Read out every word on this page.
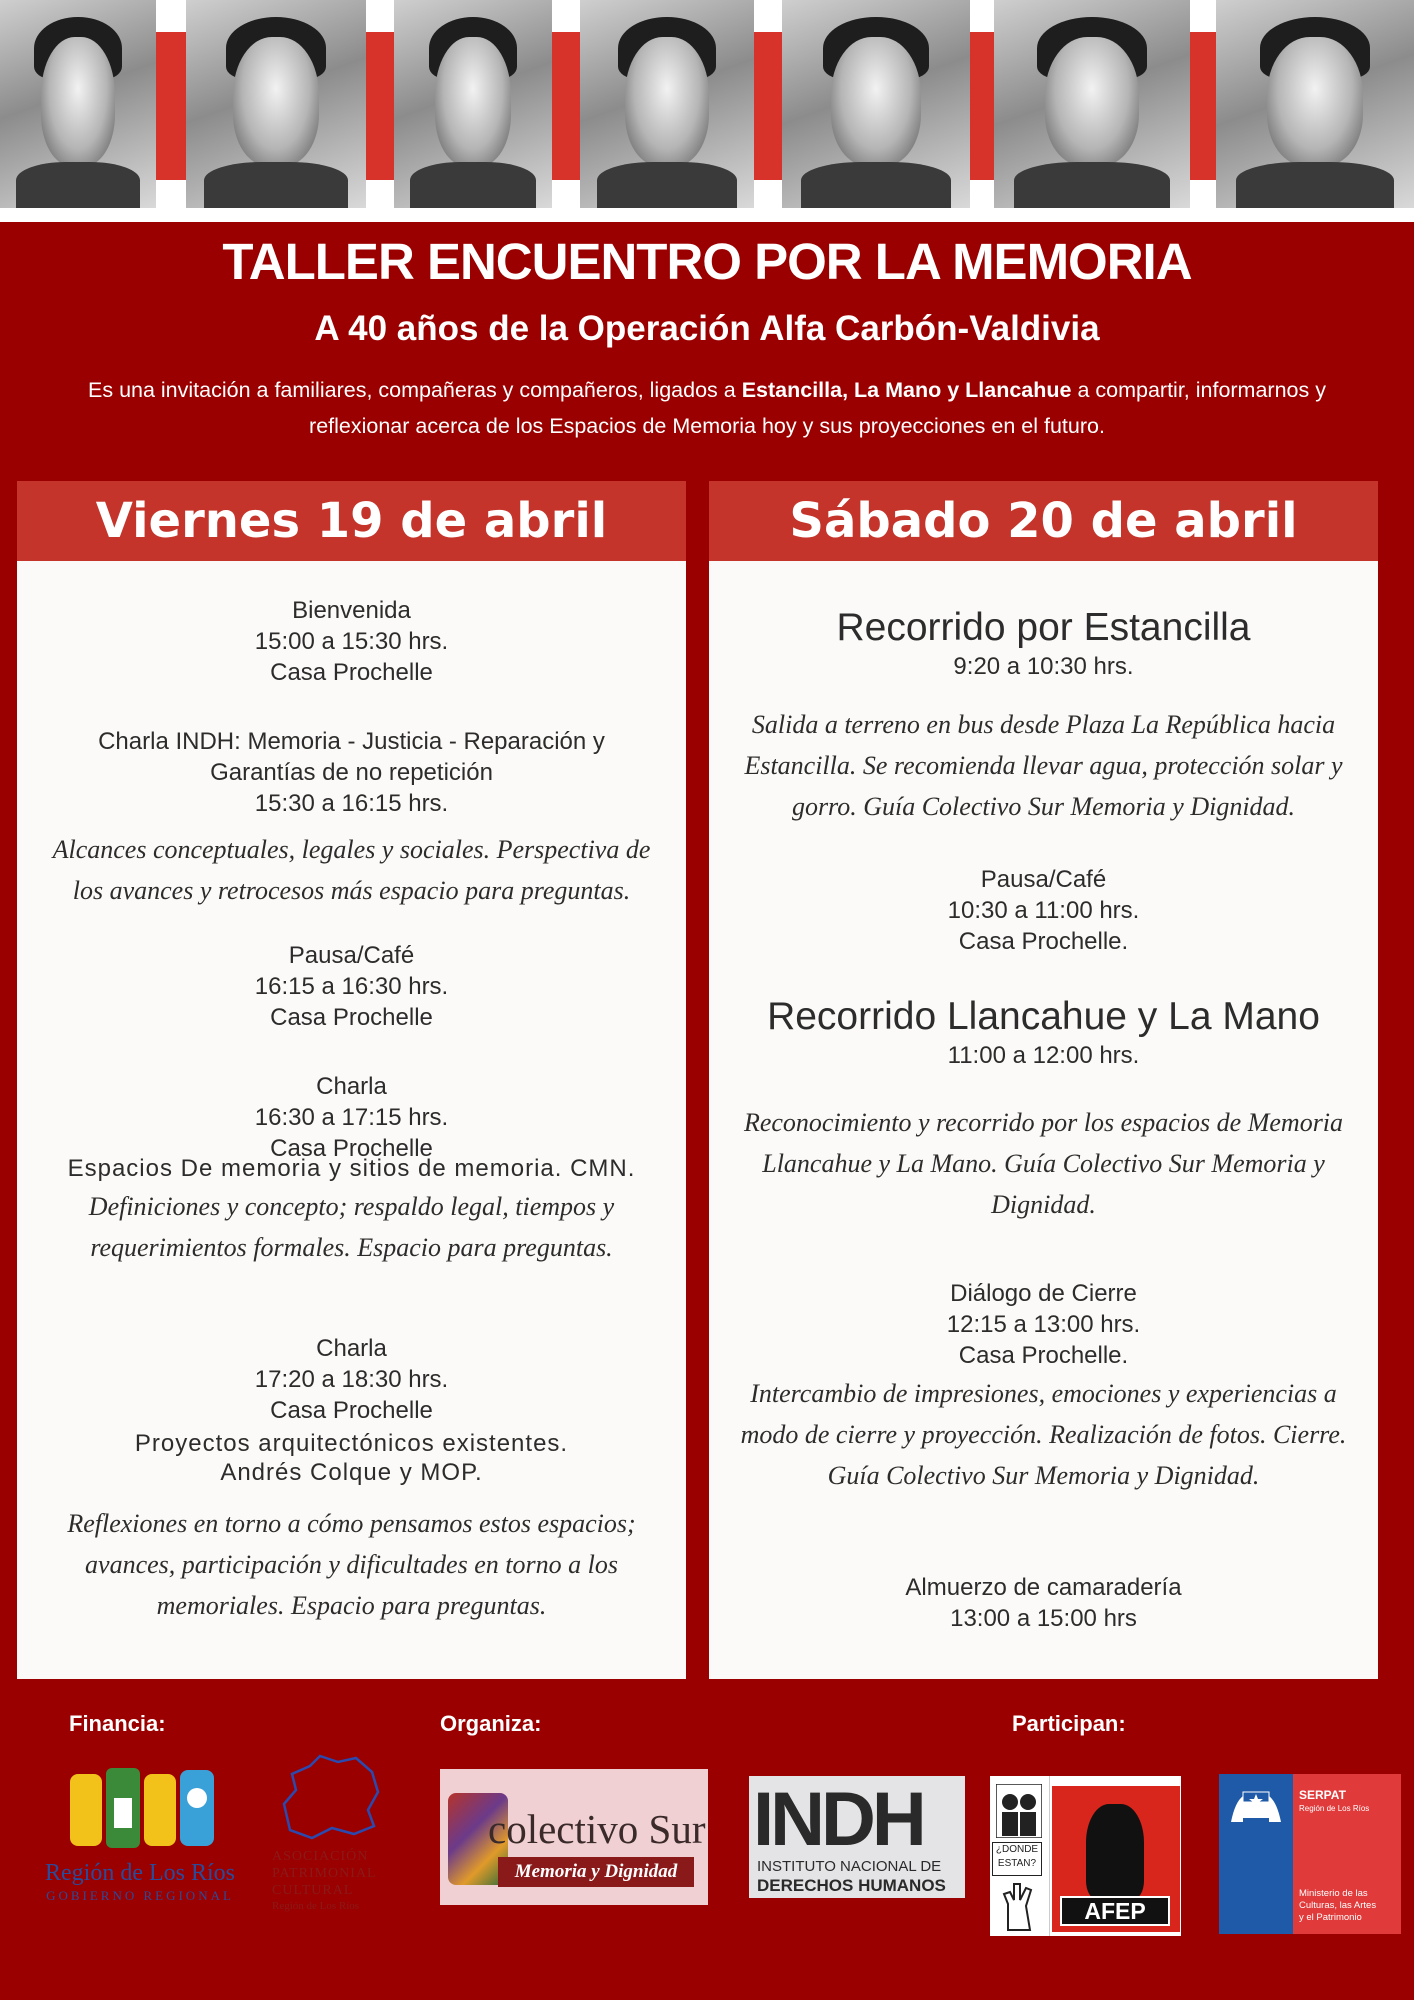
TALLER ENCUENTRO POR LA MEMORIA
A 40 años de la Operación Alfa Carbón-Valdivia
Es una invitación a familiares, compañeras y compañeros, ligados a Estancilla, La Mano y Llancahue a compartir, informarnos y
reflexionar acerca de los Espacios de Memoria hoy y sus proyecciones en el futuro.
Viernes 19 de abril
Bienvenida
15:00 a 15:30 hrs.
Casa Prochelle
Charla INDH: Memoria - Justicia - Reparación y
Garantías de no repetición
15:30 a 16:15 hrs.
Alcances conceptuales, legales y sociales. Perspectiva de
los avances y retrocesos más espacio para preguntas.
Pausa/Café
16:15 a 16:30 hrs.
Casa Prochelle
Charla
16:30 a 17:15 hrs.
Casa Prochelle
Espacios De memoria y sitios de memoria. CMN.
Definiciones y concepto; respaldo legal, tiempos y
requerimientos formales. Espacio para preguntas.
Charla
17:20 a 18:30 hrs.
Casa Prochelle
Proyectos arquitectónicos existentes.
Andrés Colque y MOP.
Reflexiones en torno a cómo pensamos estos espacios;
avances, participación y dificultades en torno a los
memoriales. Espacio para preguntas.
Sábado 20 de abril
Recorrido por Estancilla
9:20 a 10:30 hrs.
Salida a terreno en bus desde Plaza La República hacia
Estancilla. Se recomienda llevar agua, protección solar y
gorro. Guía Colectivo Sur Memoria y Dignidad.
Pausa/Café
10:30 a 11:00 hrs.
Casa Prochelle.
Recorrido Llancahue y La Mano
11:00 a 12:00 hrs.
Reconocimiento y recorrido por los espacios de Memoria
Llancahue y La Mano. Guía Colectivo Sur Memoria y
Dignidad.
Diálogo de Cierre
12:15 a 13:00 hrs.
Casa Prochelle.
Intercambio de impresiones, emociones y experiencias a
modo de cierre y proyección. Realización de fotos. Cierre.
Guía Colectivo Sur Memoria y Dignidad.
Almuerzo de camaradería
13:00 a 15:00 hrs
Financia:	Organiza:	Participan:
Región de Los Ríos
GOBIERNO REGIONAL
ASOCIACIÓN
PATRIMONIAL
CULTURAL
Región de Los Ríos
colectivo Sur
Memoria y Dignidad
INDH
INSTITUTO NACIONAL DE
DERECHOS HUMANOS
¿DONDE
ESTAN?
AFEP
SERPAT
Región de Los Ríos
Ministerio de las
Culturas, las Artes
y el Patrimonio
